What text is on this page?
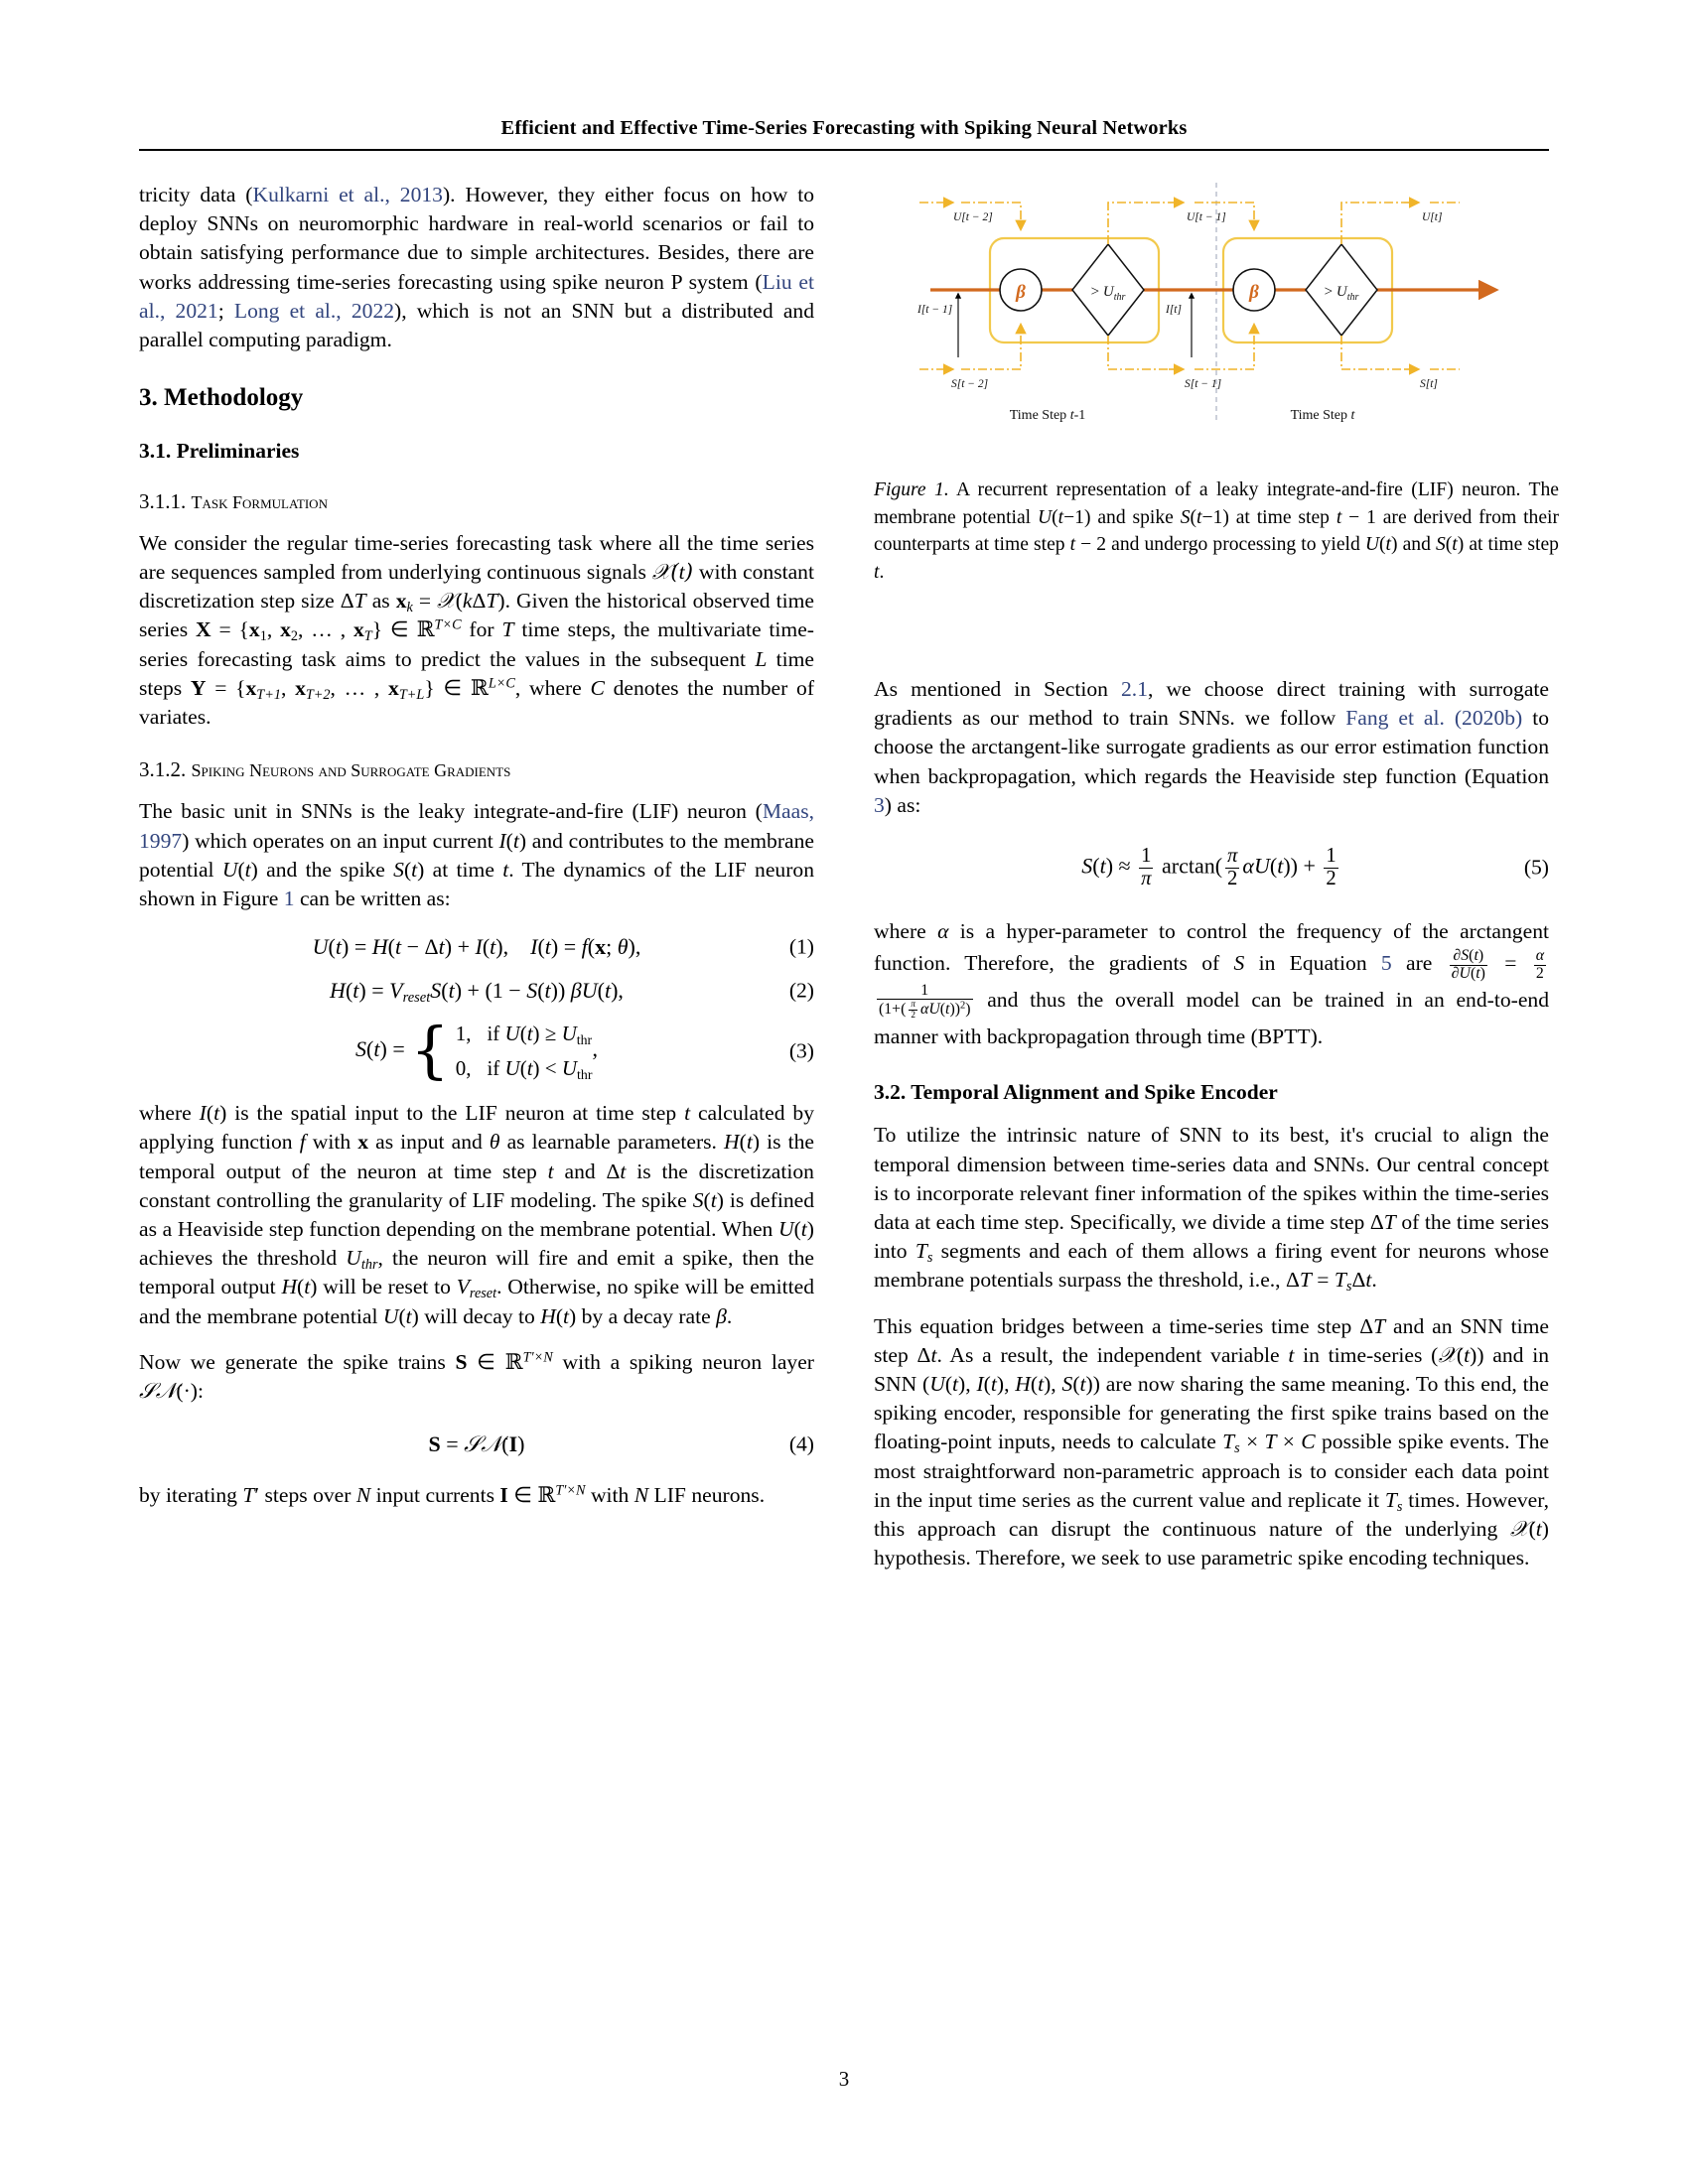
Efficient and Effective Time-Series Forecasting with Spiking Neural Networks

tricity data (Kulkarni et al., 2013). However, they either focus on how to deploy SNNs on neuromorphic hardware in real-world scenarios or fail to obtain satisfying performance due to simple architectures. Besides, there are works addressing time-series forecasting using spike neuron P system (Liu et al., 2021; Long et al., 2022), which is not an SNN but a distributed and parallel computing paradigm.

3. Methodology
3.1. Preliminaries
3.1.1. Task Formulation

We consider the regular time-series forecasting task where all the time series are sequences sampled from underlying continuous signals 𝒳(t) with constant discretization step size ΔT as $x_k$ = 𝒳(kΔT). Given the historical observed time series $X = \{x_1$, $x_2$, … , $x_T$} ∈ ℝ$^{T\times C}$ for T time steps, the multivariate time-series forecasting task aims to predict the values in the subsequent L time steps $Y = \{x_{T+1}$, $x_{T+2}$, … , $x_{T+L}$} ∈ ℝ$^{L\times C}$, where C denotes the number of variates.

3.1.2. Spiking Neurons and Surrogate Gradients

The basic unit in SNNs is the leaky integrate-and-fire (LIF) neuron (Maas, 1997) which operates on an input current I(t) and contributes to the membrane potential U(t) and the spike S(t) at time t. The dynamics of the LIF neuron shown in Figure 1 can be written as:

U(t) = H(t − Δt) + I(t),    I(t) = f(x; θ),	(1)
$H(t) = V_{reset}S(t) + (1 - S(t))$ βU(t),	(2)
S(t) = { 1, if $U(t) \ge U_{thr}$
0, if $U(t) < U_{thr}$
,	(3)

where I(t) is the spatial input to the LIF neuron at time step t calculated by applying function f with x as input and θ as learnable parameters. H(t) is the temporal output of the neuron at time step t and Δt is the discretization constant controlling the granularity of LIF modeling. The spike S(t) is defined as a Heaviside step function depending on the membrane potential. When U(t) achieves the threshold $U_{thr}$, the neuron will fire and emit a spike, then the temporal output H(t) will be reset to $V_{reset}$. Otherwise, no spike will be emitted and the membrane potential U(t) will decay to H(t) by a decay rate β.

Now we generate the spike trains S ∈ ℝ$^{T'\times N}$ with a spiking neuron layer 𝒮𝒩(·):

S = 𝒮𝒩(I)	(4)

by iterating T′ steps over N input currents I ∈ ℝ$^{T'\times N}$ with N LIF neurons.

β	β
> $U_{thr}$	> $U_{thr}$
U[t − 2]	U[t − 1]	U[t]
S[t − 2]	S[t − 1]	S[t]
I[t − 1]	I[t]
Time Step t-1	Time Step t
Figure 1. A recurrent representation of a leaky integrate-and-fire (LIF) neuron. The membrane potential U(t−1) and spike S(t−1) at time step t − 1 are derived from their counterparts at time step t − 2 and undergo processing to yield U(t) and S(t) at time step t.

As mentioned in Section 2.1, we choose direct training with surrogate gradients as our method to train SNNs. we follow Fang et al. (2020b) to choose the arctangent-like surrogate gradients as our error estimation function when backpropagation, which regards the Heaviside step function (Equation 3) as:

$S(t) \approx \frac{1}{\pi} \arctan( \frac{\pi}{2} \alpha U(t)) + \frac{1}{2}$	(5)

where α is a hyper-parameter to control the frequency of the arctangent function. Therefore, the gradients of S in Equation 5 are $\frac{\partial S(t)}{\partial U(t)} = \frac{\alpha}{2}$

$\frac{1}{(1+( \frac{\pi}{2} \alpha U(t))^2)}$ and thus the overall model can be trained in an end-to-end manner with backpropagation through time (BPTT).

3.2. Temporal Alignment and Spike Encoder

To utilize the intrinsic nature of SNN to its best, it's crucial to align the temporal dimension between time-series data and SNNs. Our central concept is to incorporate relevant finer information of the spikes within the time-series data at each time step. Specifically, we divide a time step ΔT of the time series into $T_s$ segments and each of them allows a firing event for neurons whose membrane potentials surpass the threshold, i.e., $\Delta T = T_s\Delta t$.

This equation bridges between a time-series time step ΔT and an SNN time step Δt. As a result, the independent variable t in time-series (𝒳(t)) and in SNN (U(t), I(t), H(t), S(t)) are now sharing the same meaning. To this end, the spiking encoder, responsible for generating the first spike trains based on the floating-point inputs, needs to calculate $T_s \times T \times C$ possible spike events. The most straightforward non-parametric approach is to consider each data point in the input time series as the current value and replicate it $T_s$ times. However, this approach can disrupt the continuous nature of the underlying 𝒳(t) hypothesis. Therefore, we seek to use parametric spike encoding techniques.

3
